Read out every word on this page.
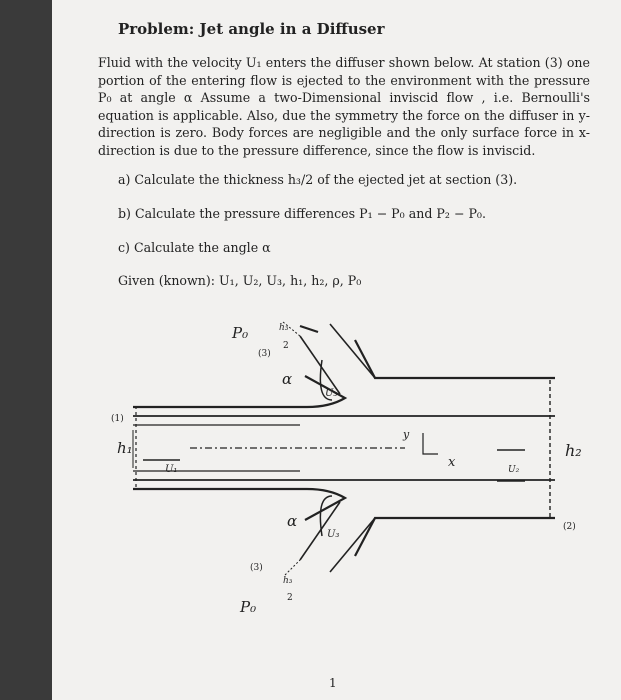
Problem: Jet angle in a Diffuser
Fluid with the velocity U₁ enters the diffuser shown below. At station (3) one portion of the entering flow is ejected to the environment with the pressure P₀ at angle α Assume a two-Dimensional inviscid flow , i.e. Bernoulli's equation is applicable. Also, due the symmetry the force on the diffuser in y-direction is zero. Body forces are negligible and the only surface force in x-direction is due to the pressure difference, since the flow is inviscid.
a) Calculate the thickness h₃/2 of the ejected jet at section (3).
b) Calculate the pressure differences P₁ − P₀ and P₂ − P₀.
c) Calculate the angle α
Given (known): U₁, U₂, U₃, h₁, h₂, ρ, P₀
P₀
(3)
h₃
2
α
U₃
(1)
h₁
U₁
y
x	U₂
h₂
(2)
α
U₃
(3)
h₃
2
P₀
1
